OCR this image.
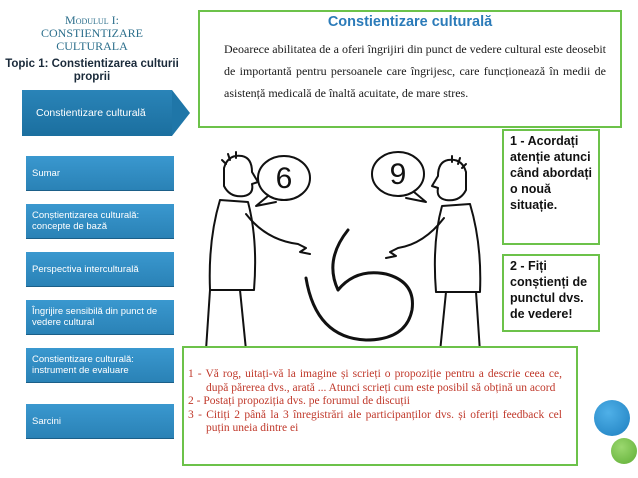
Modulul I:
CONSTIENTIZARE CULTURALA
Topic 1: Constientizarea culturii proprii
Constientizare culturală
Sumar
Conștientizarea culturală: concepte de bază
Perspectiva interculturală
Îngrijire sensibilă din punct de vedere cultural
Constientizare culturală: instrument de evaluare
Sarcini
Constientizare culturală
Deoarece abilitatea de a oferi îngrijiri din punct de vedere cultural este deosebit de importantă pentru persoanele care îngrijesc, care funcționează în medii de asistență medicală de înaltă acuitate, de mare stres.
6	9
1 - Acordați atenție atunci când abordați o nouă situație.
2 - Fiți conștienți de punctul dvs. de vedere!
1 - Vă rog, uitați-vă la imagine și scrieți o propoziție pentru a descrie ceea ce, după părerea dvs., arată ... Atunci scrieți cum este posibil să obțină un acord
2 - Postați propoziția dvs. pe forumul de discuții
3 - Citiți 2 până la 3 înregistrări ale participanților dvs. și oferiți feedback cel puțin uneia dintre ei
